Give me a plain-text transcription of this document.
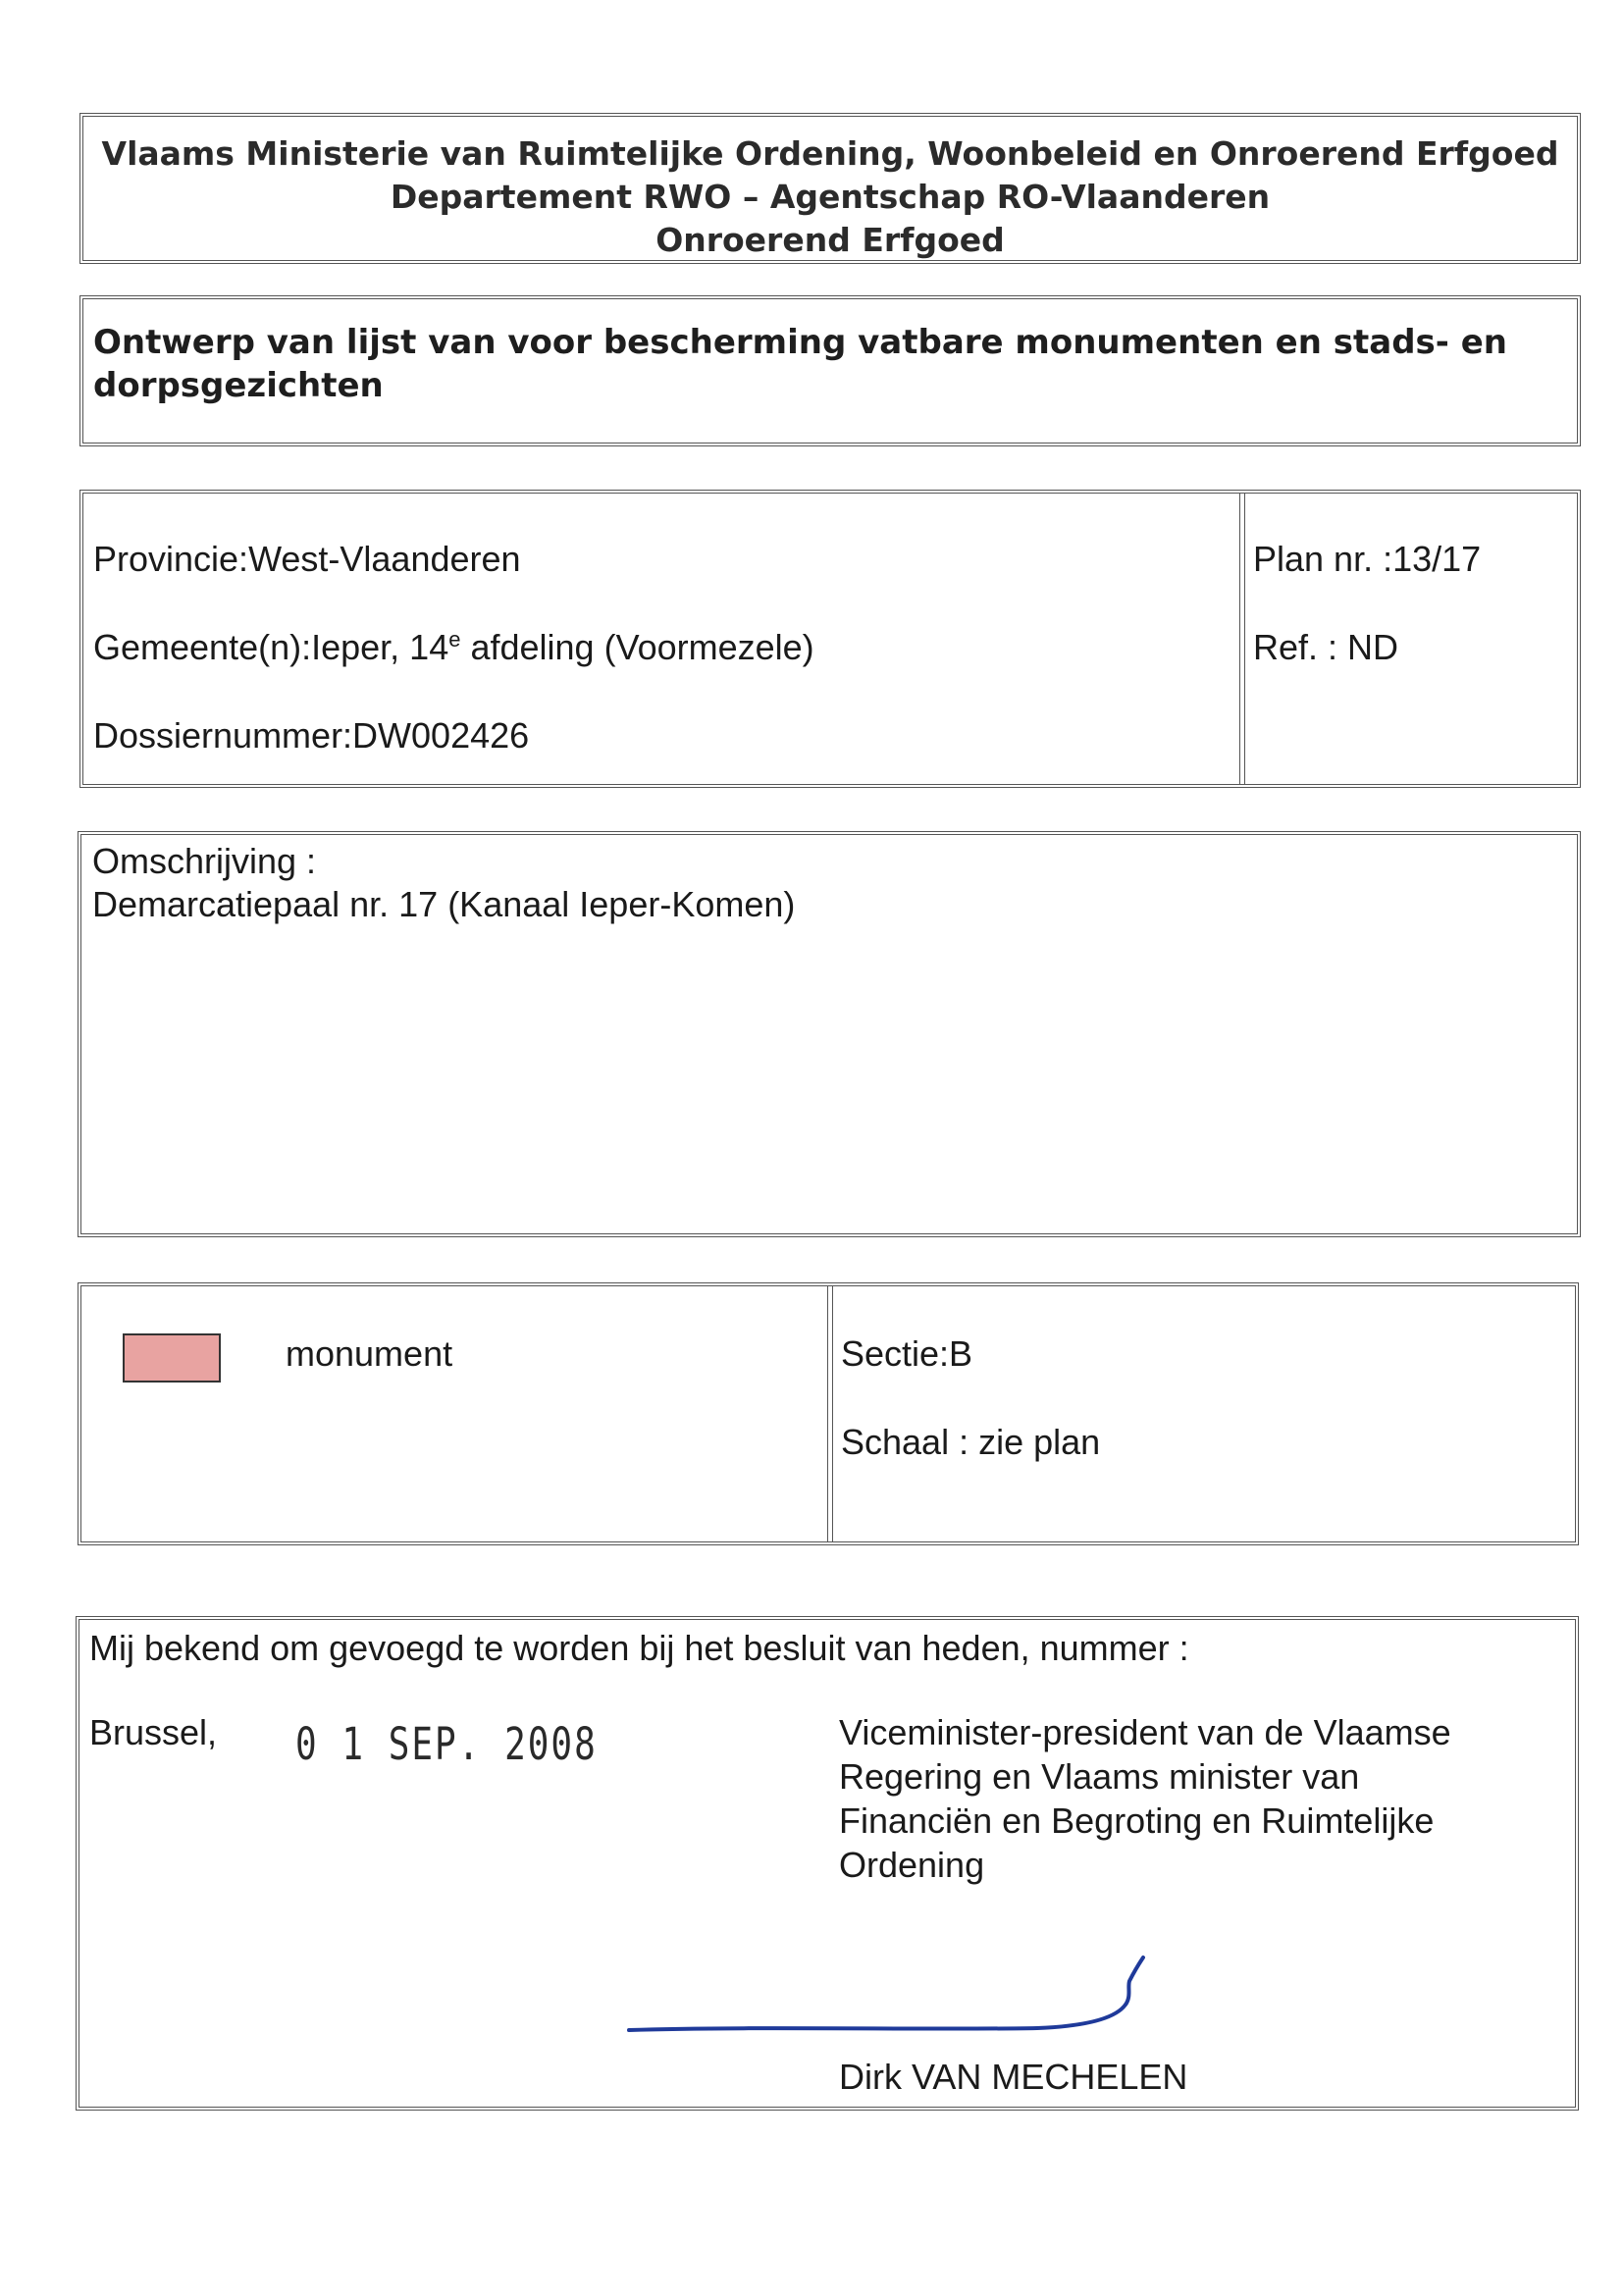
Vlaams Ministerie van Ruimtelijke Ordening, Woonbeleid en Onroerend Erfgoed
Departement RWO – Agentschap RO-Vlaanderen
Onroerend Erfgoed
Ontwerp van lijst van voor bescherming vatbare monumenten en stads- en
dorpsgezichten
Provincie:West-Vlaanderen
Gemeente(n):Ieper, 14e afdeling (Voormezele)
Dossiernummer:DW002426
Plan nr. :13/17
Ref. : ND
Omschrijving :
Demarcatiepaal nr. 17 (Kanaal Ieper-Komen)
monument	Sectie:B
Schaal : zie plan
Mij bekend om gevoegd te worden bij het besluit van heden, nummer :
Brussel, 0 1 SEP. 2008	Viceminister-president van de Vlaamse
Regering en Vlaams minister van
Financiën en Begroting en Ruimtelijke
Ordening
Dirk VAN MECHELEN
